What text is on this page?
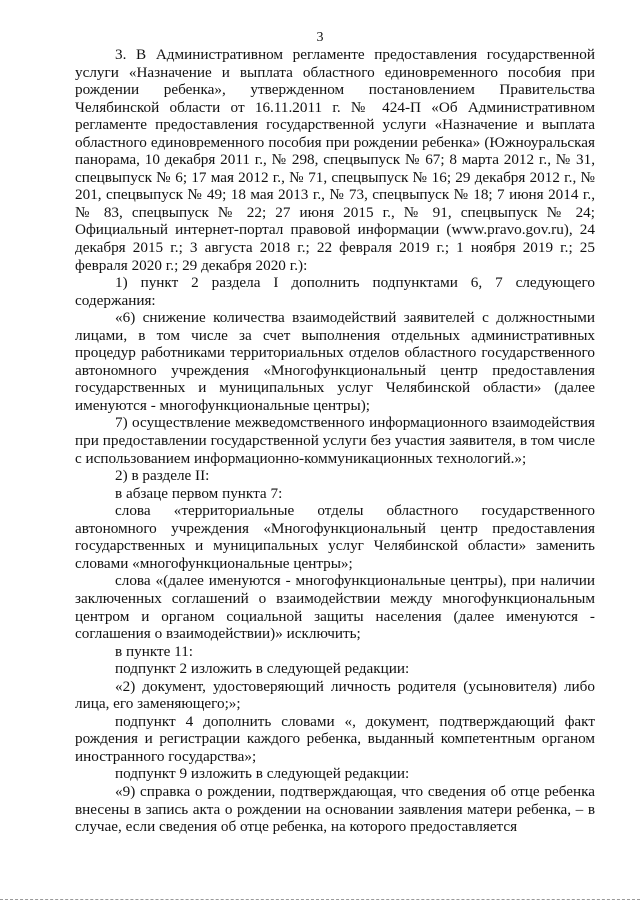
3

3. В Административном регламенте предоставления государственной услуги «Назначение и выплата областного единовременного пособия при рождении ребенка», утвержденном постановлением Правительства Челябинской области от 16.11.2011 г. № 424-П «Об Административном регламенте предоставления государственной услуги «Назначение и выплата областного единовременного пособия при рождении ребенка» (Южноуральская панорама, 10 декабря 2011 г., № 298, спецвыпуск № 67; 8 марта 2012 г., № 31, спецвыпуск № 6; 17 мая 2012 г., № 71, спецвыпуск № 16; 29 декабря 2012 г., № 201, спецвыпуск № 49; 18 мая 2013 г., № 73, спецвыпуск № 18; 7 июня 2014 г., № 83, спецвыпуск № 22; 27 июня 2015 г., № 91, спецвыпуск № 24; Официальный интернет-портал правовой информации (www.pravo.gov.ru), 24 декабря 2015 г.; 3 августа 2018 г.; 22 февраля 2019 г.; 1 ноября 2019 г.; 25 февраля 2020 г.; 29 декабря 2020 г.):

1) пункт 2 раздела I дополнить подпунктами 6, 7 следующего содержания:

«6) снижение количества взаимодействий заявителей с должностными лицами, в том числе за счет выполнения отдельных административных процедур работниками территориальных отделов областного государственного автономного учреждения «Многофункциональный центр предоставления государственных и муниципальных услуг Челябинской области» (далее именуются - многофункциональные центры);

7) осуществление межведомственного информационного взаимодействия при предоставлении государственной услуги без участия заявителя, в том числе с использованием информационно-коммуникационных технологий.»;

2) в разделе II:

в абзаце первом пункта 7:

слова «территориальные отделы областного государственного автономного учреждения «Многофункциональный центр предоставления государственных и муниципальных услуг Челябинской области» заменить словами «многофункциональные центры»;

слова «(далее именуются - многофункциональные центры), при наличии заключенных соглашений о взаимодействии между многофункциональным центром и органом социальной защиты населения (далее именуются - соглашения о взаимодействии)» исключить;

в пункте 11:

подпункт 2 изложить в следующей редакции:

«2) документ, удостоверяющий личность родителя (усыновителя) либо лица, его заменяющего;»;

подпункт 4 дополнить словами «, документ, подтверждающий факт рождения и регистрации каждого ребенка, выданный компетентным органом иностранного государства»;

подпункт 9 изложить в следующей редакции:

«9) справка о рождении, подтверждающая, что сведения об отце ребенка внесены в запись акта о рождении на основании заявления матери ребенка, – в случае, если сведения об отце ребенка, на которого предоставляется
